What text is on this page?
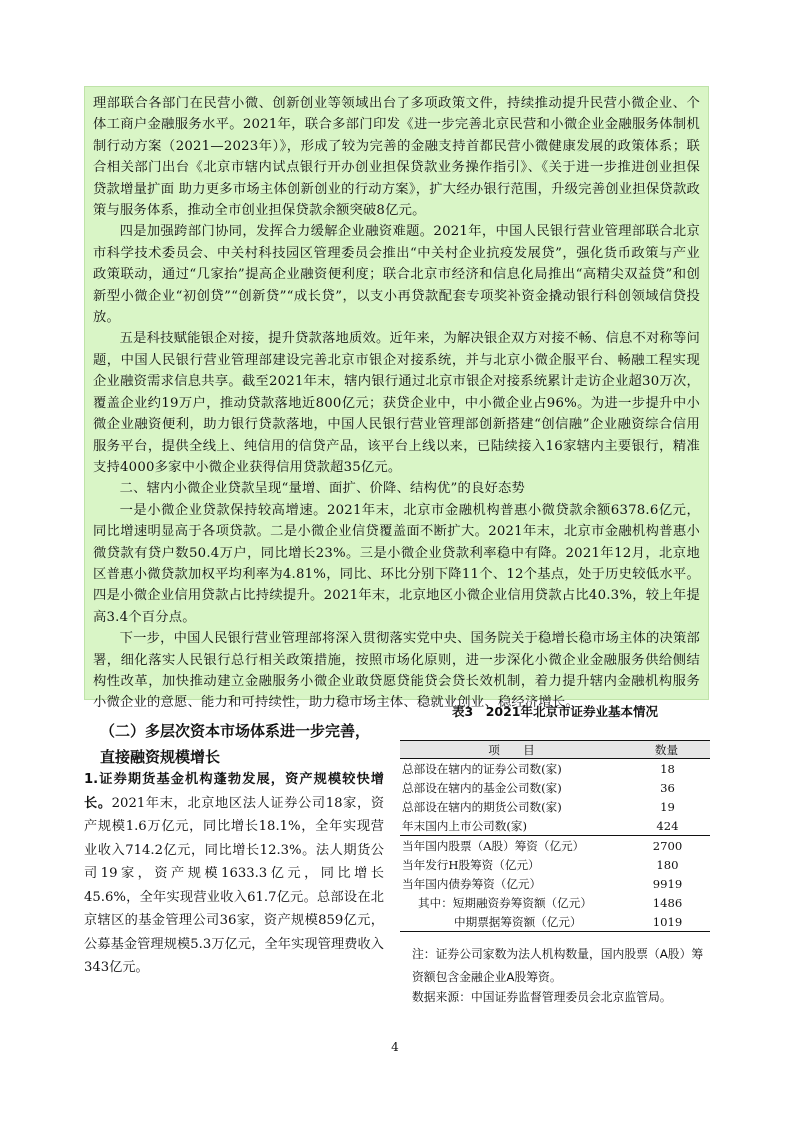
理部联合各部门在民营小微、创新创业等领域出台了多项政策文件，持续推动提升民营小微企业、个体工商户金融服务水平。2021年，联合多部门印发《进一步完善北京民营和小微企业金融服务体制机制行动方案（2021—2023年）》，形成了较为完善的金融支持首都民营小微健康发展的政策体系；联合相关部门出台《北京市辖内试点银行开办创业担保贷款业务操作指引》、《关于进一步推进创业担保贷款增量扩面 助力更多市场主体创新创业的行动方案》，扩大经办银行范围，升级完善创业担保贷款政策与服务体系，推动全市创业担保贷款余额突破8亿元。

四是加强跨部门协同，发挥合力缓解企业融资难题。2021年，中国人民银行营业管理部联合北京市科学技术委员会、中关村科技园区管理委员会推出“中关村企业抗疫发展贷”，强化货币政策与产业政策联动，通过“几家抬”提高企业融资便利度；联合北京市经济和信息化局推出“高精尖双益贷”和创新型小微企业“初创贷”“创新贷”“成长贷”，以支小再贷款配套专项奖补资金撬动银行科创领域信贷投放。

五是科技赋能银企对接，提升贷款落地质效。近年来，为解决银企双方对接不畅、信息不对称等问题，中国人民银行营业管理部建设完善北京市银企对接系统，并与北京小微企服平台、畅融工程实现企业融资需求信息共享。截至2021年末，辖内银行通过北京市银企对接系统累计走访企业超30万次，覆盖企业约19万户，推动贷款落地近800亿元；获贷企业中，中小微企业占96%。为进一步提升中小微企业融资便利，助力银行贷款落地，中国人民银行营业管理部创新搭建“创信融”企业融资综合信用服务平台，提供全线上、纯信用的信贷产品，该平台上线以来，已陆续接入16家辖内主要银行，精准支持4000多家中小微企业获得信用贷款超35亿元。

二、辖内小微企业贷款呈现“量增、面扩、价降、结构优”的良好态势

一是小微企业贷款保持较高增速。2021年末，北京市金融机构普惠小微贷款余额6378.6亿元，同比增速明显高于各项贷款。二是小微企业信贷覆盖面不断扩大。2021年末，北京市金融机构普惠小微贷款有贷户数50.4万户，同比增长23%。三是小微企业贷款利率稳中有降。2021年12月，北京地区普惠小微贷款加权平均利率为4.81%，同比、环比分别下降11个、12个基点，处于历史较低水平。四是小微企业信用贷款占比持续提升。2021年末，北京地区小微企业信用贷款占比40.3%，较上年提高3.4个百分点。

下一步，中国人民银行营业管理部将深入贯彻落实党中央、国务院关于稳增长稳市场主体的决策部署，细化落实人民银行总行相关政策措施，按照市场化原则，进一步深化小微企业金融服务供给侧结构性改革，加快推动建立金融服务小微企业敢贷愿贷能贷会贷长效机制，着力提升辖内金融机构服务小微企业的意愿、能力和可持续性，助力稳市场主体、稳就业创业、稳经济增长。

（二）多层次资本市场体系进一步完善，直接融资规模增长

1.证券期货基金机构蓬勃发展，资产规模较快增长。2021年末，北京地区法人证券公司18家，资产规模1.6万亿元，同比增长18.1%，全年实现营业收入714.2亿元，同比增长12.3%。法人期货公司19家，资产规模1633.3亿元，同比增长45.6%，全年实现营业收入61.7亿元。总部设在北京辖区的基金管理公司36家，资产规模859亿元，公募基金管理规模5.3万亿元，全年实现管理费收入343亿元。

表3　2021年北京市证券业基本情况

项　　目	数量
总部设在辖内的证券公司数(家)	18
总部设在辖内的基金公司数(家)	36
总部设在辖内的期货公司数(家)	19
年末国内上市公司数(家)	424
当年国内股票（A股）筹资（亿元）	2700
当年发行H股筹资（亿元）	180
当年国内债券筹资（亿元）	9919
其中：短期融资券筹资额（亿元）	1486
中期票据筹资额（亿元）	1019

注：证券公司家数为法人机构数量，国内股票（A股）筹资额包含金融企业A股筹资。

数据来源：中国证券监督管理委员会北京监管局。

4
